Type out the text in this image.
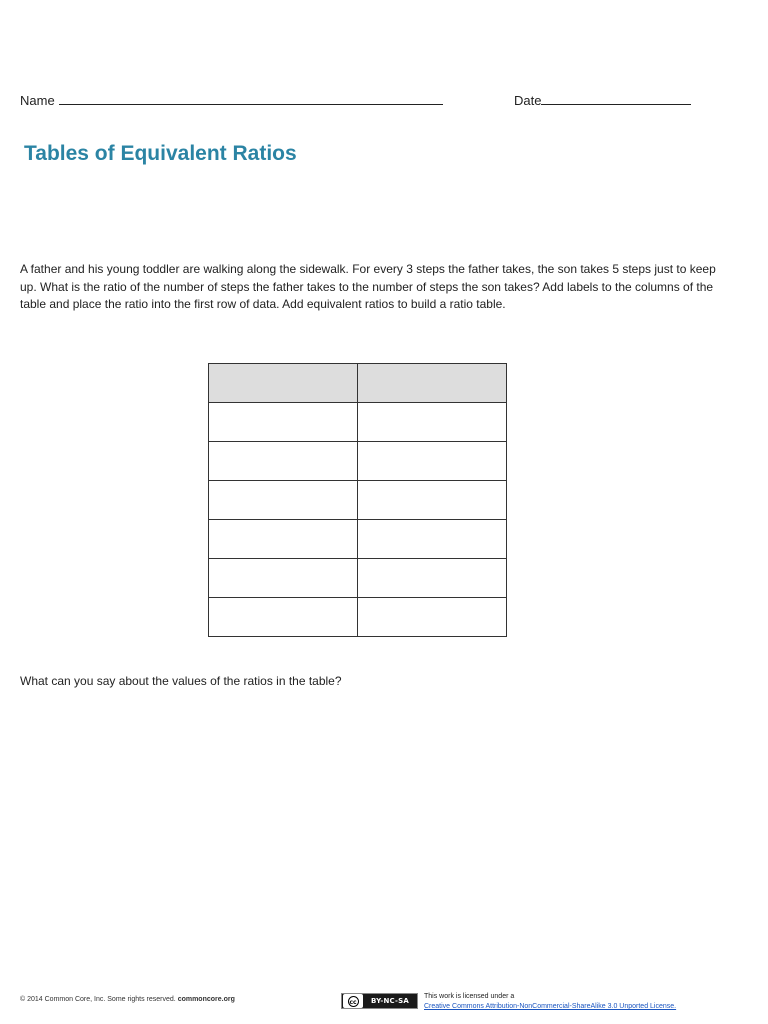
Name	Date
Tables of Equivalent Ratios

A father and his young toddler are walking along the sidewalk. For every 3 steps the father takes, the son takes 5 steps just to keep up. What is the ratio of the number of steps the father takes to the number of steps the son takes? Add labels to the columns of the table and place the ratio into the first row of data. Add equivalent ratios to build a ratio table.

What can you say about the values of the ratios in the table?

© 2014 Common Core, Inc. Some rights reserved. commoncore.org	cc	BY-NC-SA
This work is licensed under a
Creative Commons Attribution-NonCommercial-ShareAlike 3.0 Unported License.
